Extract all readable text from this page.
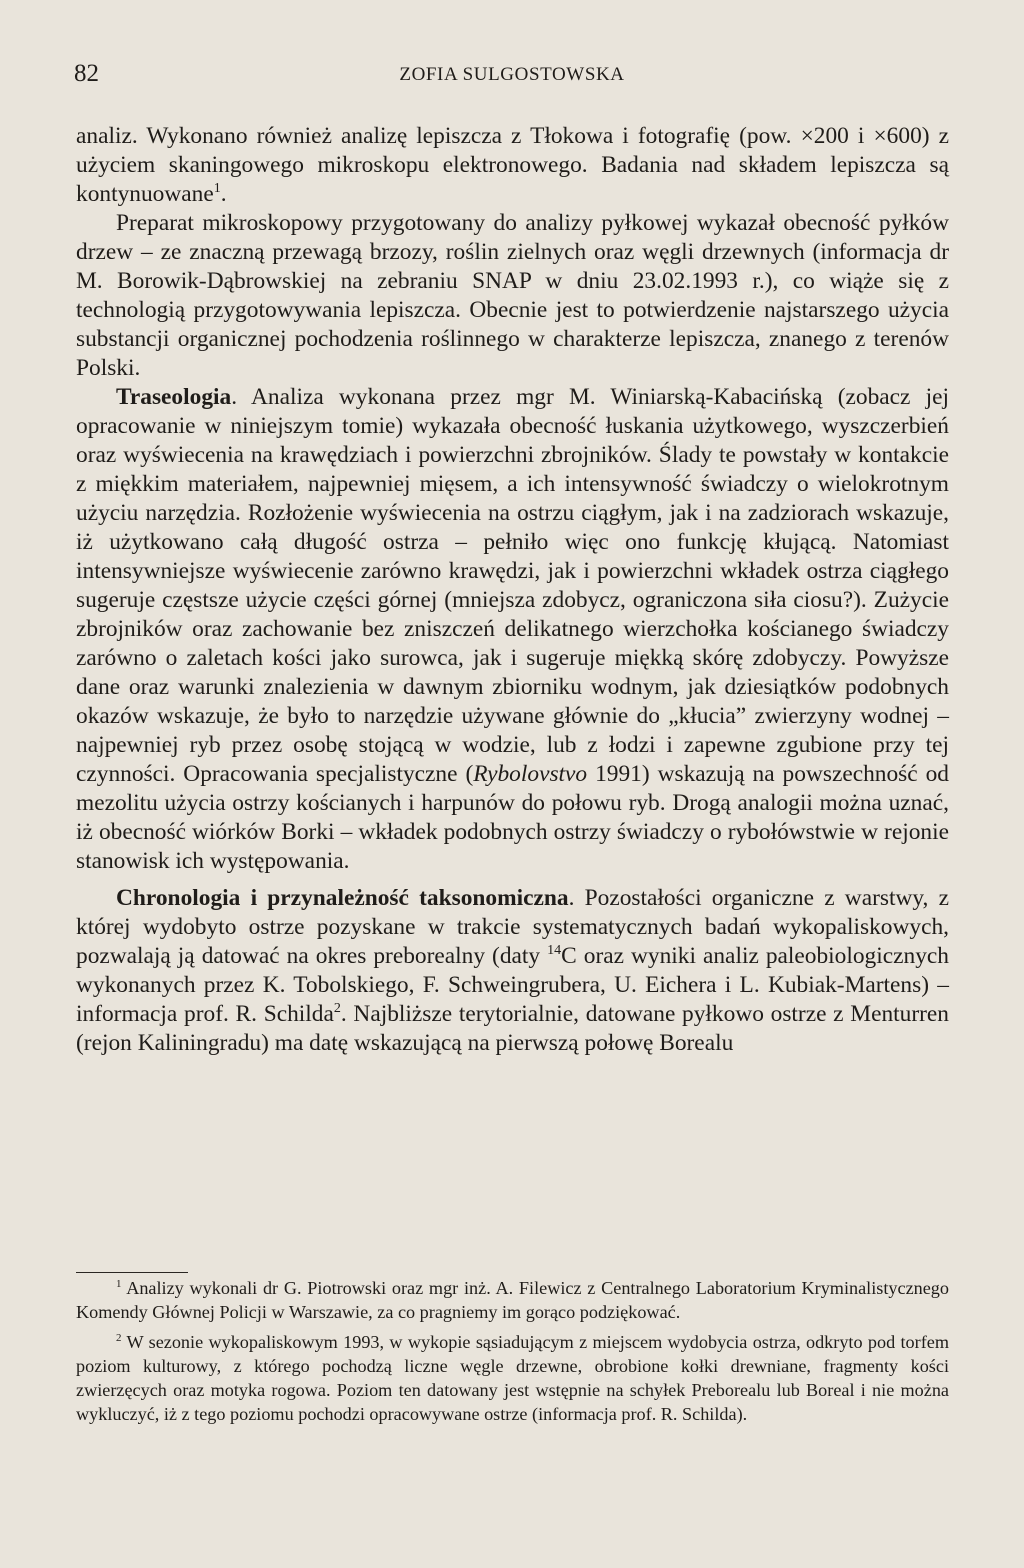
82	ZOFIA SULGOSTOWSKA

analiz. Wykonano również analizę lepiszcza z Tłokowa i fotografię (pow. ×200 i ×600) z użyciem skaningowego mikroskopu elektronowego. Badania nad składem lepiszcza są kontynuowane$^1$.

Preparat mikroskopowy przygotowany do analizy pyłkowej wykazał obecność pyłków drzew – ze znaczną przewagą brzozy, roślin zielnych oraz węgli drzewnych (informacja dr M. Borowik-Dąbrowskiej na zebraniu SNAP w dniu 23.02.1993 r.), co wiąże się z technologią przygotowywania lepiszcza. Obecnie jest to potwierdzenie najstarszego użycia substancji organicznej pochodzenia roślinnego w charakterze lepiszcza, znanego z terenów Polski.

Traseologia. Analiza wykonana przez mgr M. Winiarską-Kabacińską (zobacz jej opracowanie w niniejszym tomie) wykazała obecność łuskania użytkowego, wyszczerbień oraz wyświecenia na krawędziach i powierzchni zbrojników. Ślady te powstały w kontakcie z miękkim materiałem, najpewniej mięsem, a ich intensywność świadczy o wielokrotnym użyciu narzędzia. Rozłożenie wyświecenia na ostrzu ciągłym, jak i na zadziorach wskazuje, iż użytkowano całą długość ostrza – pełniło więc ono funkcję kłującą. Natomiast intensywniejsze wyświecenie zarówno krawędzi, jak i powierzchni wkładek ostrza ciągłego sugeruje częstsze użycie części górnej (mniejsza zdobycz, ograniczona siła ciosu?). Zużycie zbrojników oraz zachowanie bez zniszczeń delikatnego wierzchołka kościanego świadczy zarówno o zaletach kości jako surowca, jak i sugeruje miękką skórę zdobyczy. Powyższe dane oraz warunki znalezienia w dawnym zbiorniku wodnym, jak dziesiątków podobnych okazów wskazuje, że było to narzędzie używane głównie do „kłucia” zwierzyny wodnej – najpewniej ryb przez osobę stojącą w wodzie, lub z łodzi i zapewne zgubione przy tej czynności. Opracowania specjalistyczne (Rybolovstvo 1991) wskazują na powszechność od mezolitu użycia ostrzy kościanych i harpunów do połowu ryb. Drogą analogii można uznać, iż obecność wiórków Borki – wkładek podobnych ostrzy świadczy o rybołówstwie w rejonie stanowisk ich występowania.

Chronologia i przynależność taksonomiczna. Pozostałości organiczne z warstwy, z której wydobyto ostrze pozyskane w trakcie systematycznych badań wykopaliskowych, pozwalają ją datować na okres preborealny (daty $^{14}$C oraz wyniki analiz paleobiologicznych wykonanych przez K. Tobolskiego, F. Schweingrubera, U. Eichera i L. Kubiak-Martens) – informacja prof. R. Schilda$^2$. Najbliższe terytorialnie, datowane pyłkowo ostrze z Menturren (rejon Kaliningradu) ma datę wskazującą na pierwszą połowę Borealu

$^1$ Analizy wykonali dr G. Piotrowski oraz mgr inż. A. Filewicz z Centralnego Laboratorium Kryminalistycznego Komendy Głównej Policji w Warszawie, za co pragniemy im gorąco podziękować.

$^2$ W sezonie wykopaliskowym 1993, w wykopie sąsiadującym z miejscem wydobycia ostrza, odkryto pod torfem poziom kulturowy, z którego pochodzą liczne węgle drzewne, obrobione kołki drewniane, fragmenty kości zwierzęcych oraz motyka rogowa. Poziom ten datowany jest wstępnie na schyłek Preborealu lub Boreal i nie można wykluczyć, iż z tego poziomu pochodzi opracowywane ostrze (informacja prof. R. Schilda).
